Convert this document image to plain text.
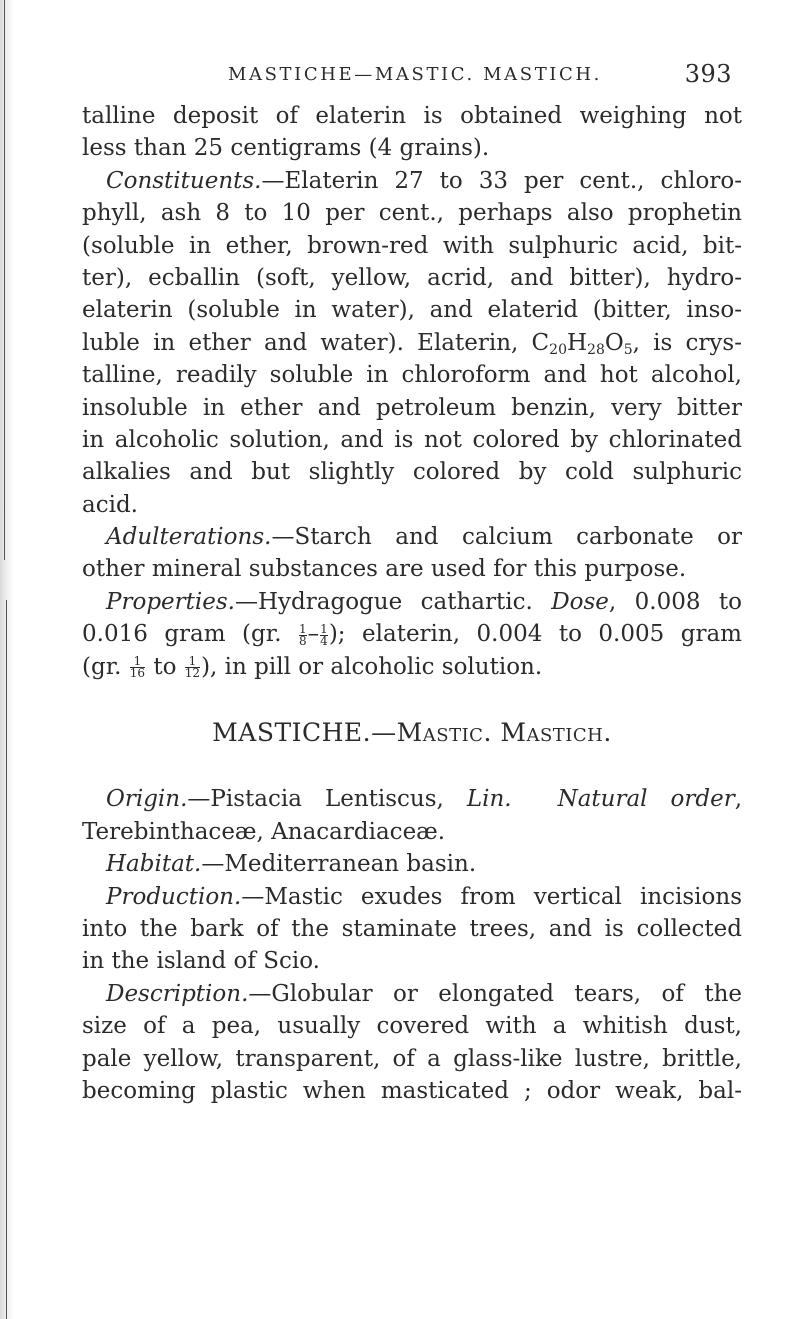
MASTICHE—MASTIC. MASTICH.	393
talline deposit of elaterin is obtained weighing not
less than 25 centigrams (4 grains).
Constituents.—Elaterin 27 to 33 per cent., chloro-
phyll, ash 8 to 10 per cent., perhaps also prophetin
(soluble in ether, brown-red with sulphuric acid, bit-
ter), ecballin (soft, yellow, acrid, and bitter), hydro-
elaterin (soluble in water), and elaterid (bitter, inso-
luble in ether and water). Elaterin, $C_{20}H_{28}O_5$, is crys-
talline, readily soluble in chloroform and hot alcohol,
insoluble in ether and petroleum benzin, very bitter
in alcoholic solution, and is not colored by chlorinated
alkalies and but slightly colored by cold sulphuric
acid.
Adulterations.—Starch and calcium carbonate or
other mineral substances are used for this purpose.
Properties.—Hydragogue cathartic. Dose, 0.008 to
0.016 gram (gr. $\frac{1}{8} - \frac{1}{4}$ ); elaterin, 0.004 to 0.005 gram
(gr. $\frac{1}{16}$ to $\frac{1}{12}$ ), in pill or alcoholic solution.
MASTICHE.—Mastic. Mastich.
Origin.—Pistacia Lentiscus, Lin. Natural order,
Terebinthaceæ, Anacardiaceæ.
Habitat.—Mediterranean basin.
Production.—Mastic exudes from vertical incisions
into the bark of the staminate trees, and is collected
in the island of Scio.
Description.—Globular or elongated tears, of the
size of a pea, usually covered with a whitish dust,
pale yellow, transparent, of a glass-like lustre, brittle,
becoming plastic when masticated ; odor weak, bal-
